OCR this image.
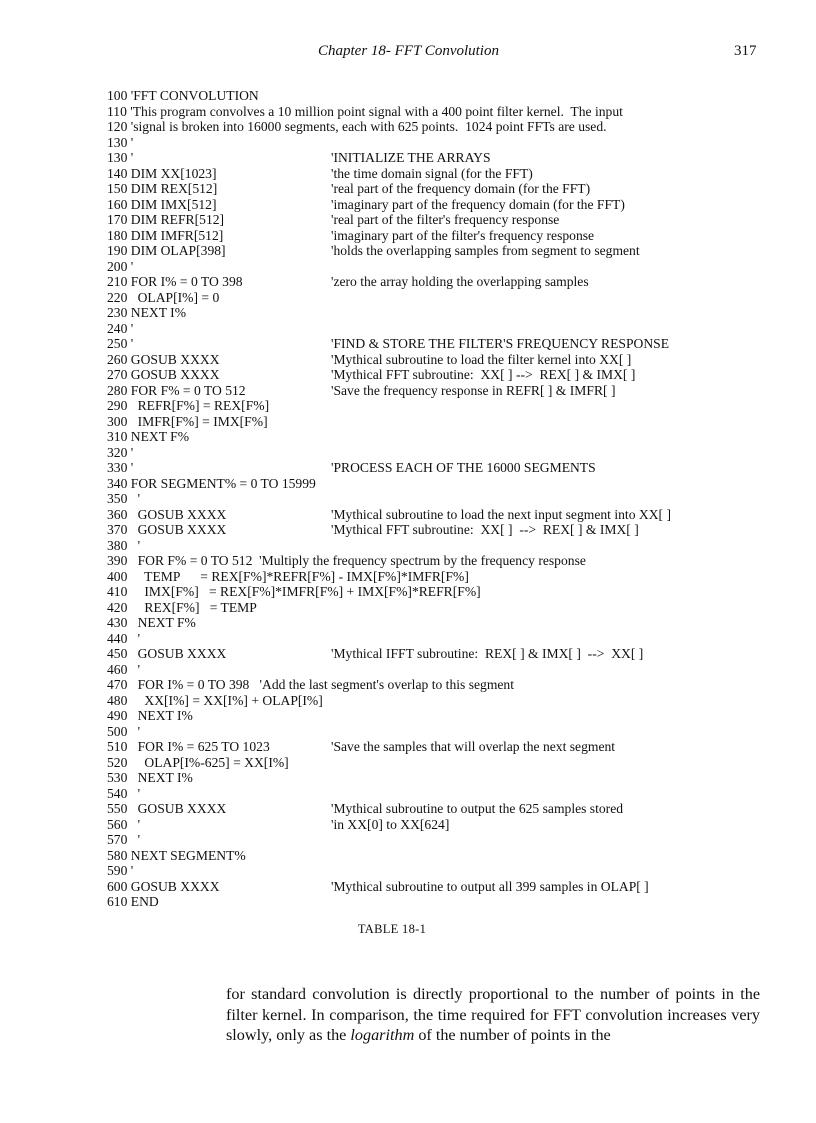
Chapter 18- FFT Convolution	317
100 'FFT CONVOLUTION
110 'This program convolves a 10 million point signal with a 400 point filter kernel.  The input
120 'signal is broken into 16000 segments, each with 625 points.  1024 point FFTs are used.
130 '
130 '	'INITIALIZE THE ARRAYS
140 DIM XX[1023]	'the time domain signal (for the FFT)
150 DIM REX[512]	'real part of the frequency domain (for the FFT)
160 DIM IMX[512]	'imaginary part of the frequency domain (for the FFT)
170 DIM REFR[512]	'real part of the filter's frequency response
180 DIM IMFR[512]	'imaginary part of the filter's frequency response
190 DIM OLAP[398]	'holds the overlapping samples from segment to segment
200 '
210 FOR I% = 0 TO 398	'zero the array holding the overlapping samples
220   OLAP[I%] = 0
230 NEXT I%
240 '
250 '	'FIND & STORE THE FILTER'S FREQUENCY RESPONSE
260 GOSUB XXXX	'Mythical subroutine to load the filter kernel into XX[ ]
270 GOSUB XXXX	'Mythical FFT subroutine:  XX[ ] -->  REX[ ] & IMX[ ]
280 FOR F% = 0 TO 512	'Save the frequency response in REFR[ ] & IMFR[ ]
290   REFR[F%] = REX[F%]
300   IMFR[F%] = IMX[F%]
310 NEXT F%
320 '
330 '	'PROCESS EACH OF THE 16000 SEGMENTS
340 FOR SEGMENT% = 0 TO 15999
350   '
360   GOSUB XXXX	'Mythical subroutine to load the next input segment into XX[ ]
370   GOSUB XXXX	'Mythical FFT subroutine:  XX[ ]  -->  REX[ ] & IMX[ ]
380   '
390   FOR F% = 0 TO 512  'Multiply the frequency spectrum by the frequency response
400     TEMP      = REX[F%]*REFR[F%] - IMX[F%]*IMFR[F%]
410     IMX[F%]   = REX[F%]*IMFR[F%] + IMX[F%]*REFR[F%]
420     REX[F%]   = TEMP
430   NEXT F%
440   '
450   GOSUB XXXX	'Mythical IFFT subroutine:  REX[ ] & IMX[ ]  -->  XX[ ]
460   '
470   FOR I% = 0 TO 398   'Add the last segment's overlap to this segment
480     XX[I%] = XX[I%] + OLAP[I%]
490   NEXT I%
500   '
510   FOR I% = 625 TO 1023	'Save the samples that will overlap the next segment
520     OLAP[I%-625] = XX[I%]
530   NEXT I%
540   '
550   GOSUB XXXX	'Mythical subroutine to output the 625 samples stored
560   '	'in XX[0] to XX[624]
570   '
580 NEXT SEGMENT%
590 '
600 GOSUB XXXX	'Mythical subroutine to output all 399 samples in OLAP[ ]
610 END
TABLE 18-1

for standard convolution is directly proportional to the number of points in the filter kernel. In comparison, the time required for FFT convolution increases very slowly, only as the logarithm of the number of points in the
